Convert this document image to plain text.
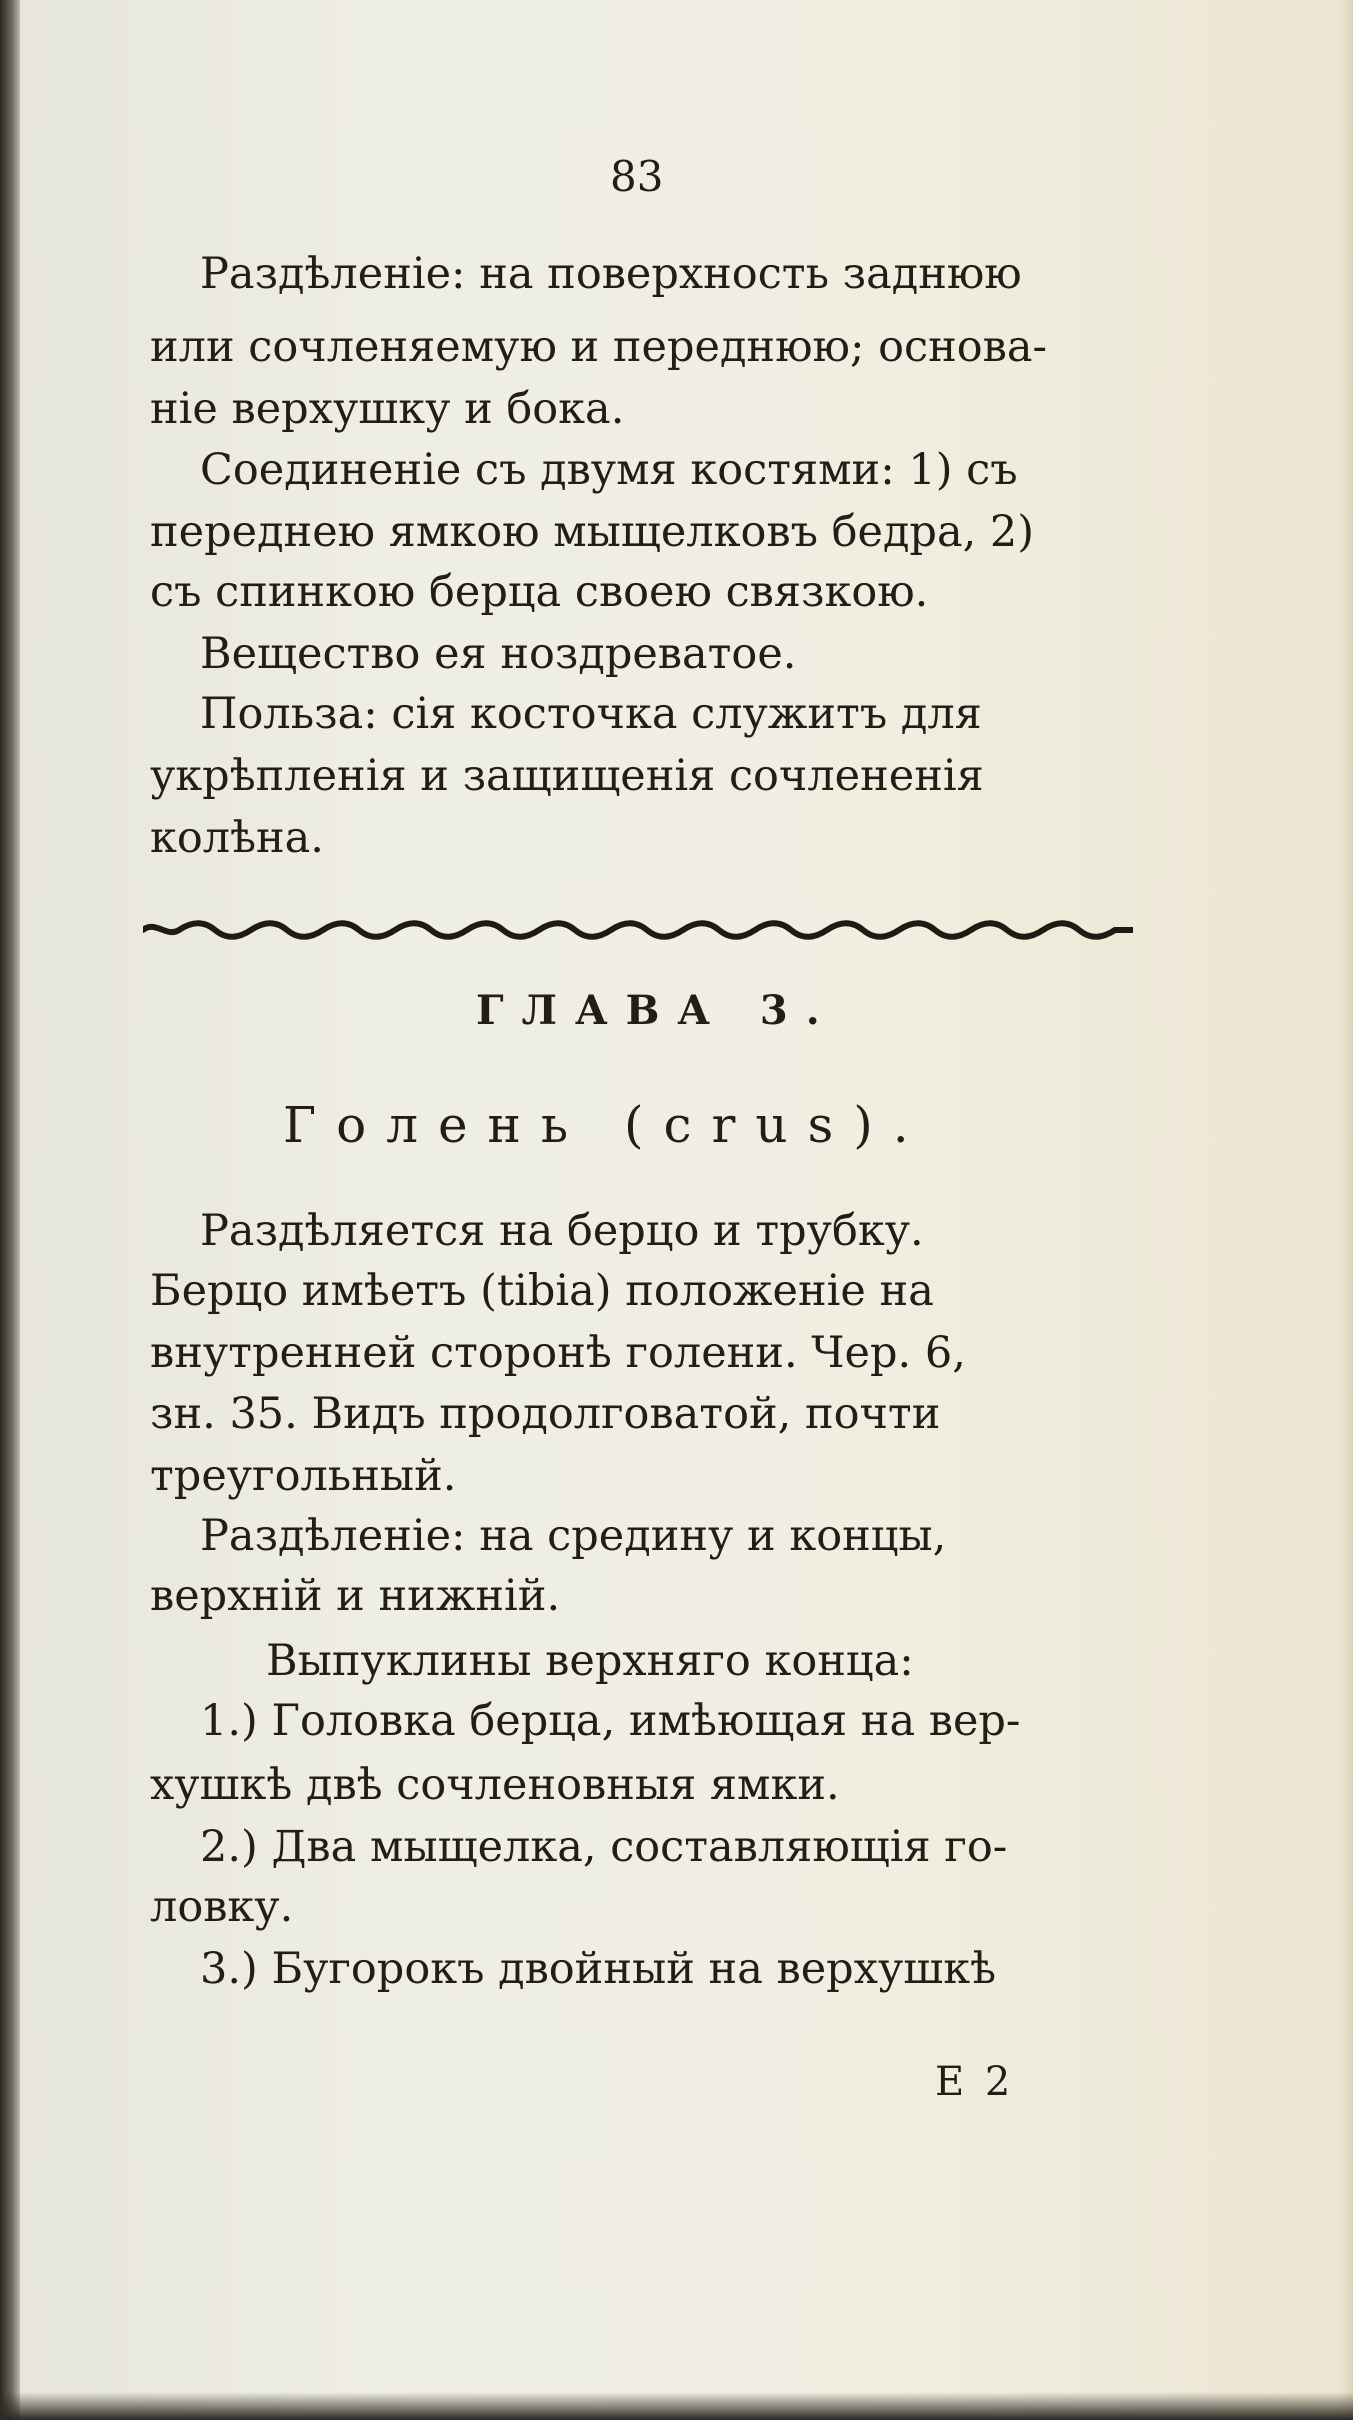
83
Раздѣленіе: на поверхность заднюю
или сочленяемую и переднюю; основа-
ніе верхушку и бока.
Соединеніе съ двумя костями: 1) съ
переднею ямкою мыщелковъ бедра, 2)
съ спинкою берца своею связкою.
Вещество ея ноздреватое.
Польза: сія косточка служитъ для
укрѣпленія и защищенія сочлененія
колѣна.
ГЛАВА 3.
Голень (crus).
Раздѣляется на берцо и трубку.
Берцо имѣетъ (tibia) положеніе на
внутренней сторонѣ голени. Чер. 6,
зн. 35. Видъ продолговатой, почти
треугольный.
Раздѣленіе: на средину и концы,
верхній и нижній.
Выпуклины верхняго конца:
1.) Головка берца, имѣющая на вер-
хушкѣ двѣ сочленовныя ямки.
2.) Два мыщелка, составляющія го-
ловку.
3.) Бугорокъ двойный на верхушкѣ
Е 2
